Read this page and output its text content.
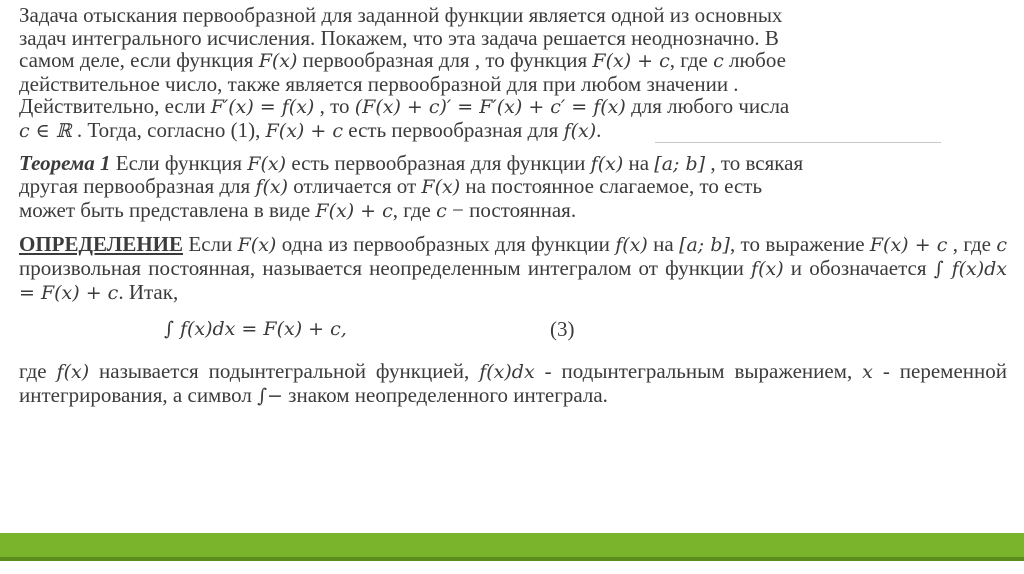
Задача отыскания первообразной для заданной функции является одной из основных
задач интегрального исчисления. Покажем, что эта задача решается неоднозначно. В
самом деле, если функция F(x) первообразная для , то функция F(x) + c, где c любое
действительное число, также является первообразной для при любом значении .
Действительно, если F′(x) = f(x) , то (F(x) + c)′ = F′(x) + c′ = f(x) для любого числа
c ∈ ℝ . Тогда, согласно (1), F(x) + c есть первообразная для f(x).

Теорема 1 Если функция F(x) есть первообразная для функции f(x) на [a; b] , то всякая
другая первообразная для f(x) отличается от F(x) на постоянное слагаемое, то есть
может быть представлена в виде F(x) + c, где c − постоянная.

ОПРЕДЕЛЕНИЕ Если F(x) одна из первообразных для функции f(x) на [a; b], то выражение F(x) + c , где c произвольная постоянная, называется неопределенным интегралом от функции f(x) и обозначается ∫ f(x)dx = F(x) + c. Итак,

∫ f(x)dx = F(x) + c,	(3)

где f(x) называется подынтегральной функцией, f(x)dx - подынтегральным выражением, x - переменной интегрирования, а символ ∫− знаком неопределенного интеграла.
